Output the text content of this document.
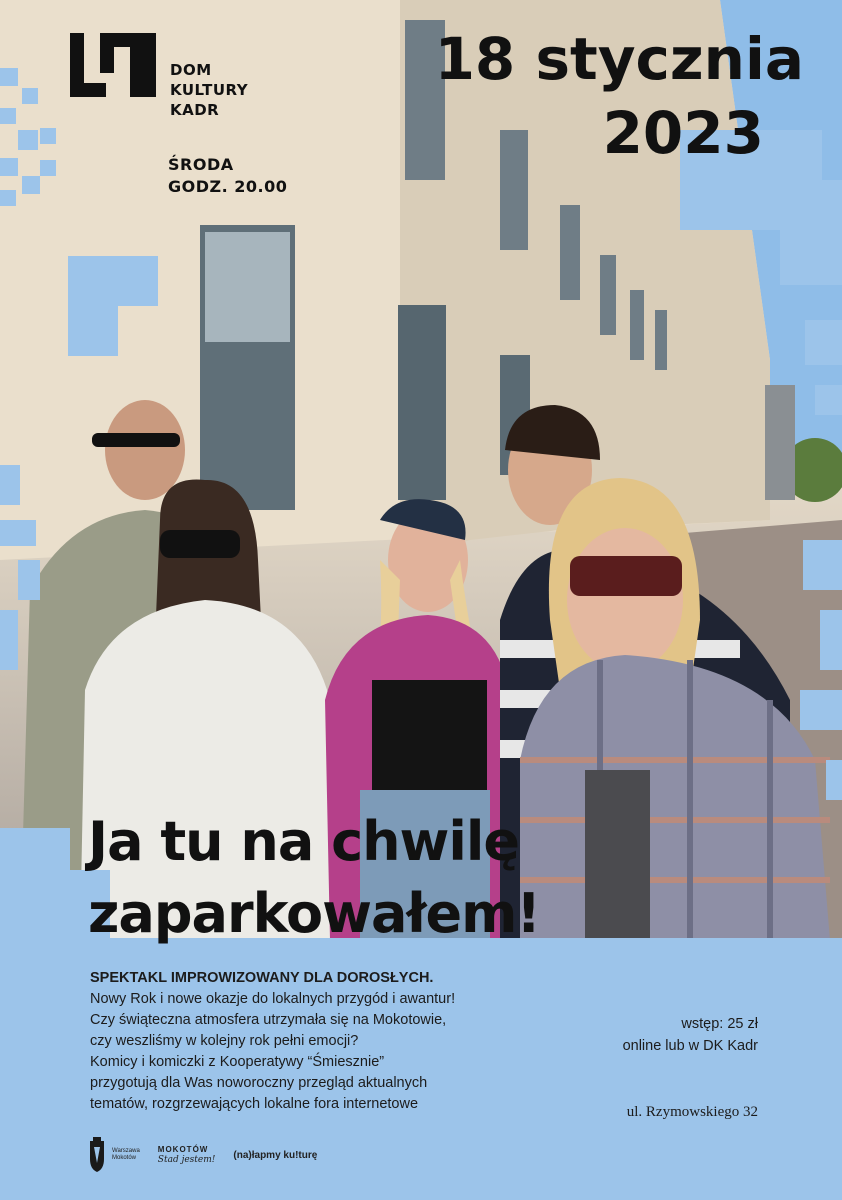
DOM
KULTURY
KADR
ŚRODA
GODZ. 20.00
18 stycznia
2023
Ja tu na chwilę
zaparkowałem!
SPEKTAKL IMPROWIZOWANY DLA DOROSŁYCH.
Nowy Rok i nowe okazje do lokalnych przygód i awantur!
Czy świąteczna atmosfera utrzymała się na Mokotowie,
czy weszliśmy w kolejny rok pełni emocji?
Komicy i komiczki z Kooperatywy “Śmiesznie”
przygotują dla Was noworoczny przegląd aktualnych
tematów, rozgrzewających lokalne fora internetowe
wstęp: 25 zł
online lub w DK Kadr
ul. Rzymowskiego 32
Warszawa
Mokotów
MOKOTÓW
Stad jestem! (na)łapmy ku!turę
